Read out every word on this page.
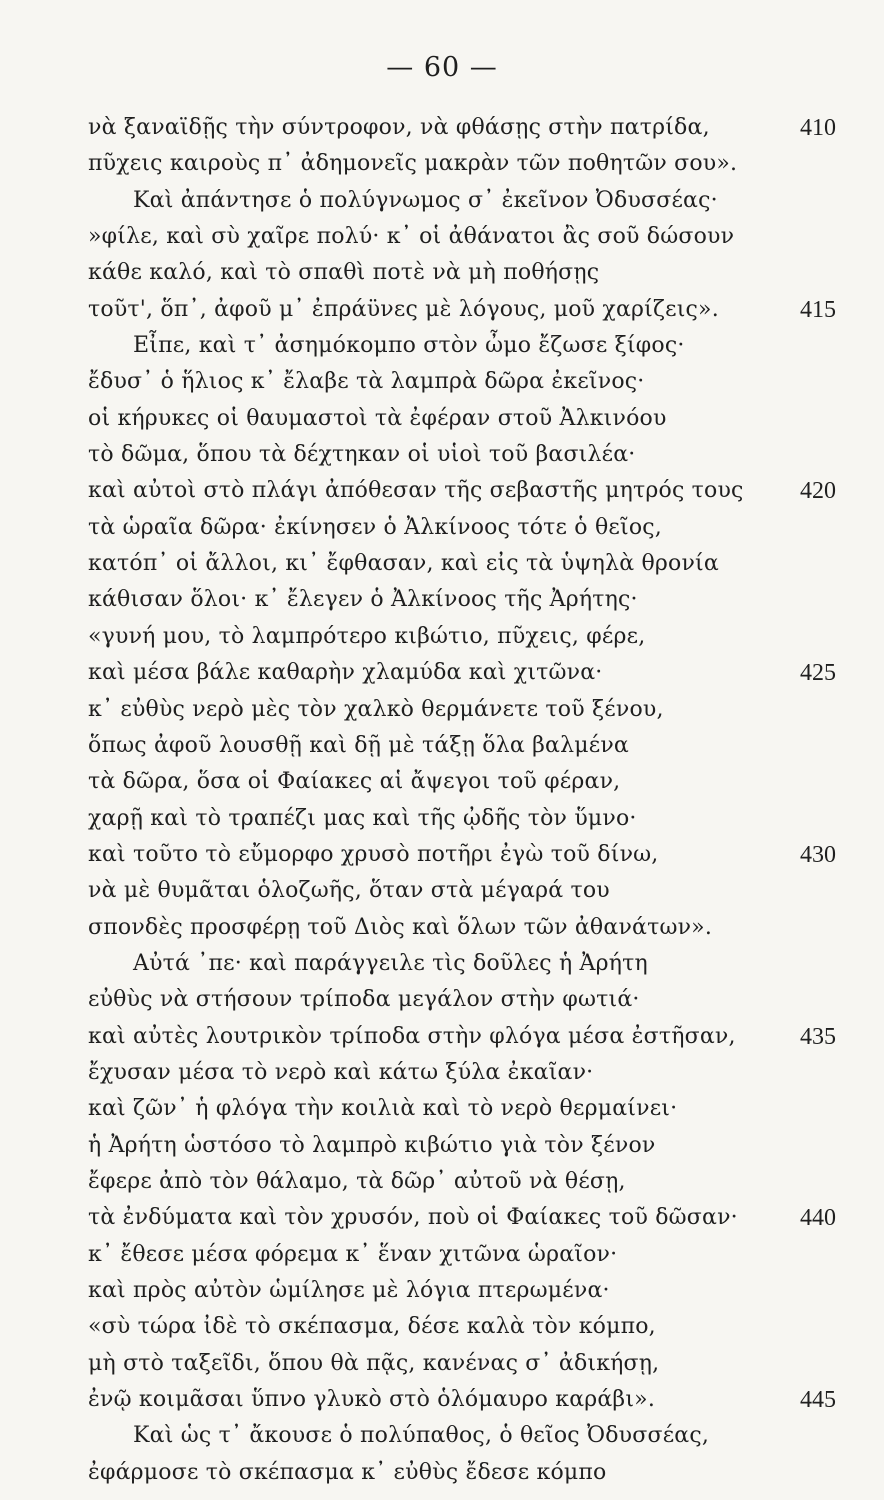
— 60 —
νὰ ξαναϊδῇς τὴν σύντροφον, νὰ φθάσῃς στὴν πατρίδα,	410
πῦχεις καιροὺς π᾽ ἀδημονεῖς μακρὰν τῶν ποθητῶν σου».
Καὶ ἀπάντησε ὁ πολύγνωμος σ᾽ ἐκεῖνον Ὀδυσσέας·
»φίλε, καὶ σὺ χαῖρε πολύ· κ᾽ οἱ ἀθάνατοι ἂς σοῦ δώσουν
κάθε καλό, καὶ τὸ σπαθὶ ποτὲ νὰ μὴ ποθήσῃς
τοῦτ', ὅπ᾽, ἀφοῦ μ᾽ ἐπράϋνες μὲ λόγους, μοῦ χαρίζεις».	415
Εἶπε, καὶ τ᾽ ἀσημόκομπο στὸν ὦμο ἔζωσε ξίφος·
ἔδυσ᾽ ὁ ἥλιος κ᾽ ἔλαβε τὰ λαμπρὰ δῶρα ἐκεῖνος·
οἱ κήρυκες οἱ θαυμαστοὶ τὰ ἐφέραν στοῦ Ἀλκινόου
τὸ δῶμα, ὅπου τὰ δέχτηκαν οἱ υἱοὶ τοῦ βασιλέα·
καὶ αὐτοὶ στὸ πλάγι ἀπόθεσαν τῆς σεβαστῆς μητρός τους 420
τὰ ὡραῖα δῶρα· ἐκίνησεν ὁ Ἀλκίνοος τότε ὁ θεῖος,
κατόπ᾽ οἱ ἄλλοι, κι᾽ ἔφθασαν, καὶ εἰς τὰ ὑψηλὰ θρονία
κάθισαν ὅλοι· κ᾽ ἔλεγεν ὁ Ἀλκίνοος τῆς Ἀρήτης·
«γυνή μου, τὸ λαμπρότερο κιβώτιο, πῦχεις, φέρε,
καὶ μέσα βάλε καθαρὴν χλαμύδα καὶ χιτῶνα·	425
κ᾽ εὐθὺς νερὸ μὲς τὸν χαλκὸ θερμάνετε τοῦ ξένου,
ὅπως ἀφοῦ λουσθῇ καὶ δῇ μὲ τάξῃ ὅλα βαλμένα
τὰ δῶρα, ὅσα οἱ Φαίακες αἱ ἄψεγοι τοῦ φέραν,
χαρῇ καὶ τὸ τραπέζι μας καὶ τῆς ᾠδῆς τὸν ὕμνο·
καὶ τοῦτο τὸ εὔμορφο χρυσὸ ποτῆρι ἐγὼ τοῦ δίνω,	430
νὰ μὲ θυμᾶται ὁλοζωῆς, ὅταν στὰ μέγαρά του
σπονδὲς προσφέρῃ τοῦ Διὸς καὶ ὅλων τῶν ἀθανάτων».
Αὐτά ᾽πε· καὶ παράγγειλε τὶς δοῦλες ἡ Ἀρήτη
εὐθὺς νὰ στήσουν τρίποδα μεγάλον στὴν φωτιά·
καὶ αὐτὲς λουτρικὸν τρίποδα στὴν φλόγα μέσα ἐστῆσαν,	435
ἔχυσαν μέσα τὸ νερὸ καὶ κάτω ξύλα ἐκαῖαν·
καὶ ζῶν᾽ ἡ φλόγα τὴν κοιλιὰ καὶ τὸ νερὸ θερμαίνει·
ἡ Ἀρήτη ὡστόσο τὸ λαμπρὸ κιβώτιο γιὰ τὸν ξένον
ἔφερε ἀπὸ τὸν θάλαμο, τὰ δῶρ᾽ αὐτοῦ νὰ θέσῃ,
τὰ ἐνδύματα καὶ τὸν χρυσόν, ποὺ οἱ Φαίακες τοῦ δῶσαν·	440
κ᾽ ἔθεσε μέσα φόρεμα κ᾽ ἕναν χιτῶνα ὡραῖον·
καὶ πρὸς αὐτὸν ὡμίλησε μὲ λόγια πτερωμένα·
«σὺ τώρα ἰδὲ τὸ σκέπασμα, δέσε καλὰ τὸν κόμπο,
μὴ στὸ ταξεῖδι, ὅπου θὰ πᾷς, κανένας σ᾽ ἀδικήσῃ,
ἐνῷ κοιμᾶσαι ὕπνο γλυκὸ στὸ ὁλόμαυρο καράβι».	445
Καὶ ὡς τ᾽ ἄκουσε ὁ πολύπαθος, ὁ θεῖος Ὀδυσσέας,
ἐφάρμοσε τὸ σκέπασμα κ᾽ εὐθὺς ἔδεσε κόμπο
